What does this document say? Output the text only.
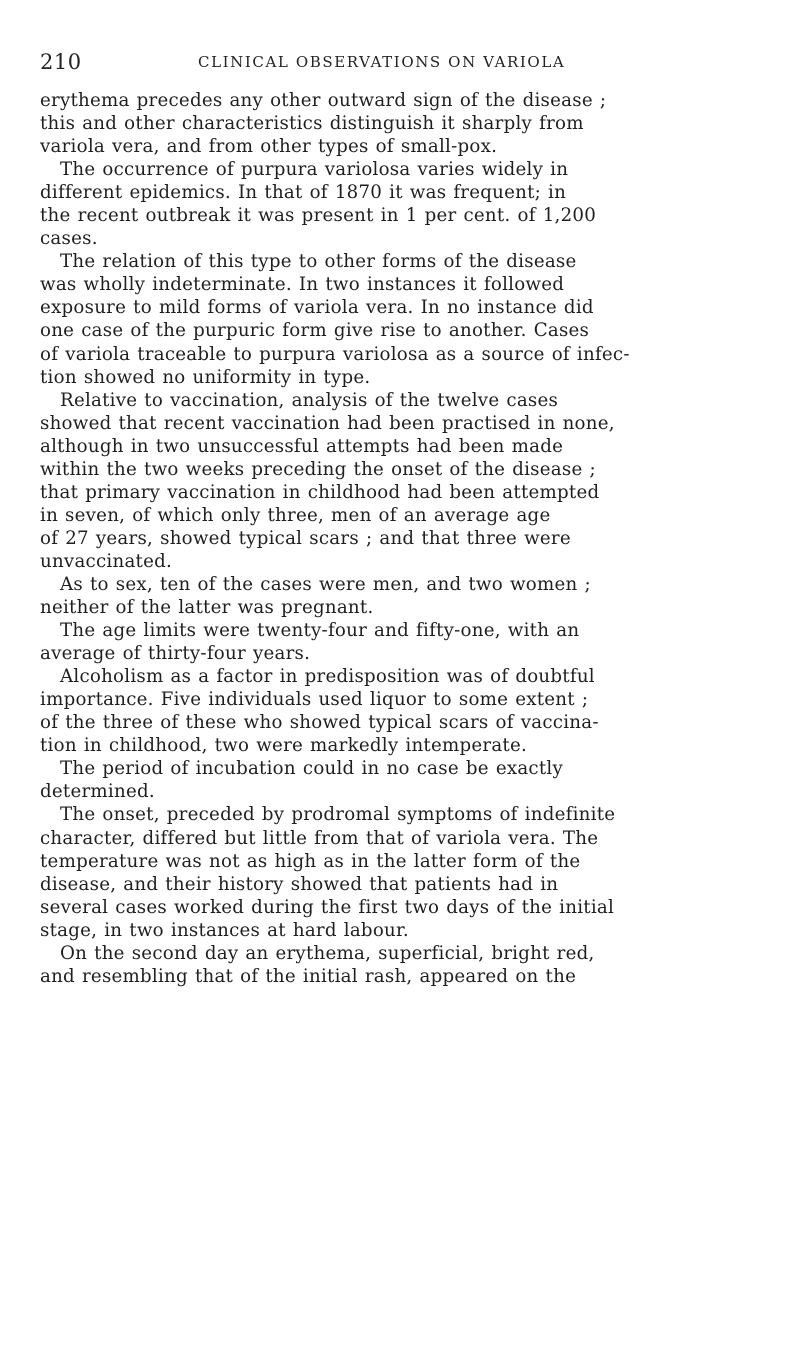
210	CLINICAL OBSERVATIONS ON VARIOLA
erythema precedes any other outward sign of the disease ;
this and other characteristics distinguish it sharply from
variola vera, and from other types of small-pox.
The occurrence of purpura variolosa varies widely in
different epidemics. In that of 1870 it was frequent; in
the recent outbreak it was present in 1 per cent. of 1,200
cases.
The relation of this type to other forms of the disease
was wholly indeterminate. In two instances it followed
exposure to mild forms of variola vera. In no instance did
one case of the purpuric form give rise to another. Cases
of variola traceable to purpura variolosa as a source of infec-
tion showed no uniformity in type.
Relative to vaccination, analysis of the twelve cases
showed that recent vaccination had been practised in none,
although in two unsuccessful attempts had been made
within the two weeks preceding the onset of the disease ;
that primary vaccination in childhood had been attempted
in seven, of which only three, men of an average age
of 27 years, showed typical scars ; and that three were
unvaccinated.
As to sex, ten of the cases were men, and two women ;
neither of the latter was pregnant.
The age limits were twenty-four and fifty-one, with an
average of thirty-four years.
Alcoholism as a factor in predisposition was of doubtful
importance. Five individuals used liquor to some extent ;
of the three of these who showed typical scars of vaccina-
tion in childhood, two were markedly intemperate.
The period of incubation could in no case be exactly
determined.
The onset, preceded by prodromal symptoms of indefinite
character, differed but little from that of variola vera. The
temperature was not as high as in the latter form of the
disease, and their history showed that patients had in
several cases worked during the first two days of the initial
stage, in two instances at hard labour.
On the second day an erythema, superficial, bright red,
and resembling that of the initial rash, appeared on the
